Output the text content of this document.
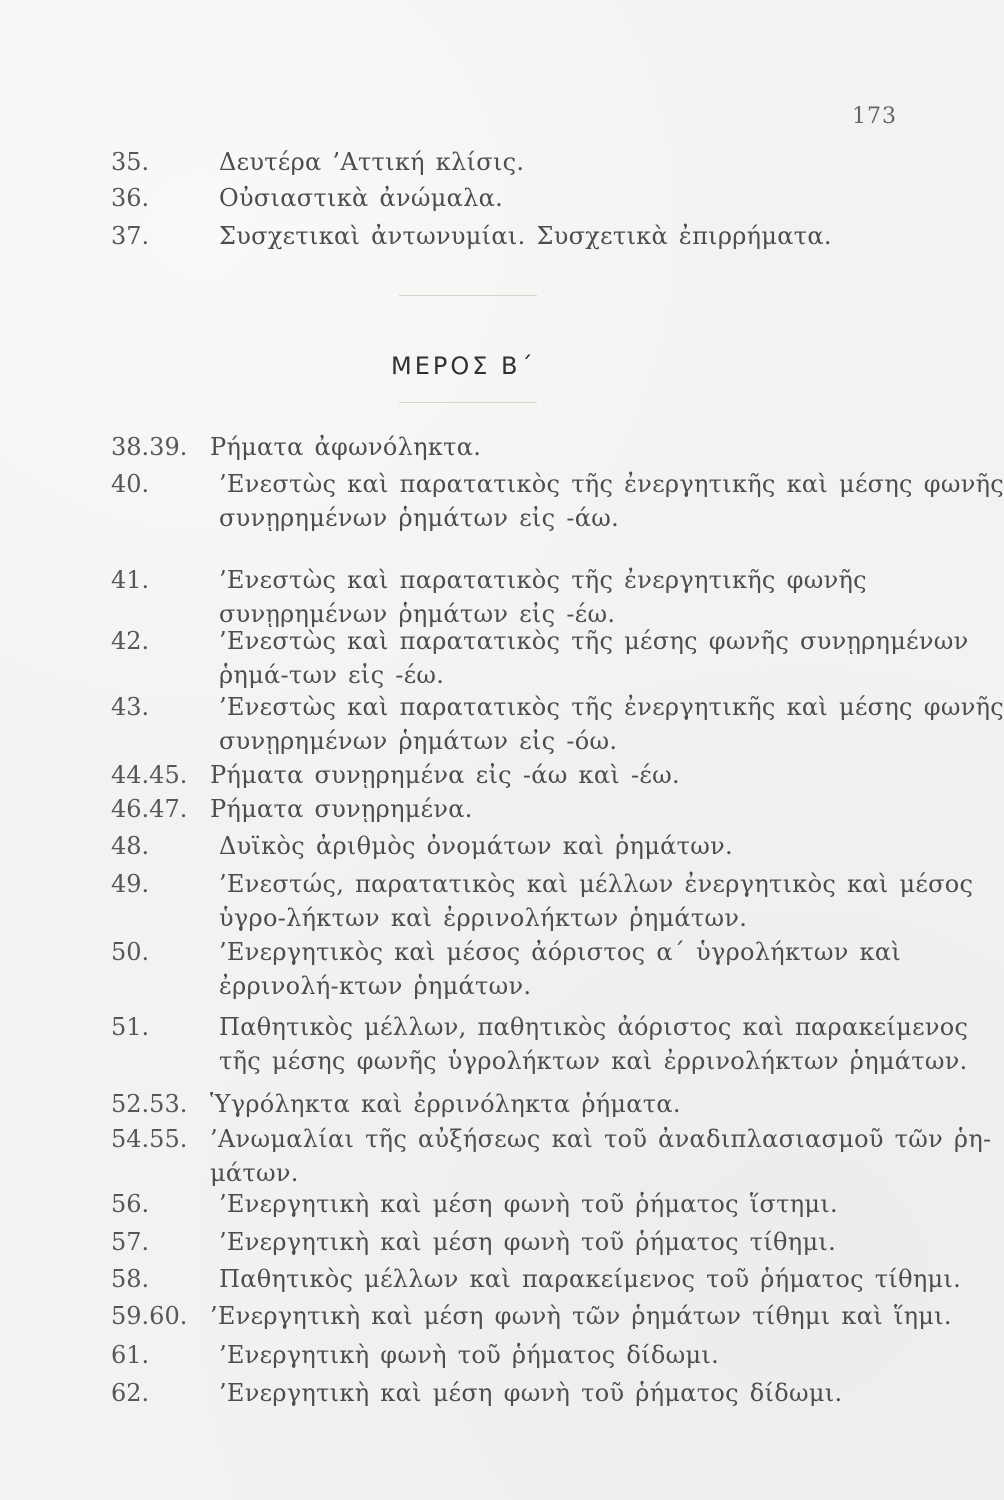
173
35.	Δευτέρα ’Αττική κλίσις.
36.	Οὐσιαστικὰ ἀνώμαλα.
37.	Συσχετικαὶ ἀντωνυμίαι. Συσχετικὰ ἐπιρρήματα.
ΜΕΡΟΣ Β΄
38.39. Ρήματα ἀφωνόληκτα.
40.	’Ενεστὼς καὶ παρατατικὸς τῆς ἐνεργητικῆς καὶ μέσης φωνῆς συνῃρημένων ῥημάτων εἰς -άω.
41.	’Ενεστὼς καὶ παρατατικὸς τῆς ἐνεργητικῆς φωνῆς συνῃρημένων ῥημάτων εἰς -έω.
42.	’Ενεστὼς καὶ παρατατικὸς τῆς μέσης φωνῆς συνῃρημένων ῥημά-των εἰς -έω.
43.	’Ενεστὼς καὶ παρατατικὸς τῆς ἐνεργητικῆς καὶ μέσης φωνῆς συνῃρημένων ῥημάτων εἰς -όω.
44.45. Ρήματα συνῃρημένα εἰς -άω καὶ -έω.
46.47. Ρήματα συνῃρημένα.
48.	Δυϊκὸς ἀριθμὸς ὀνομάτων καὶ ῥημάτων.
49.	’Ενεστώς, παρατατικὸς καὶ μέλλων ἐνεργητικὸς καὶ μέσος ὑγρο-λήκτων καὶ ἐρρινολήκτων ῥημάτων.
50.	’Ενεργητικὸς καὶ μέσος ἀόριστος α΄ ὑγρολήκτων καὶ ἐρρινολή-κτων ῥημάτων.
51.	Παθητικὸς μέλλων, παθητικὸς ἀόριστος καὶ παρακείμενος τῆς μέσης φωνῆς ὑγρολήκτων καὶ ἐρρινολήκτων ῥημάτων.
52.53. Ὑγρόληκτα καὶ ἐρρινόληκτα ῥήματα.
54.55. ’Ανωμαλίαι τῆς αὐξήσεως καὶ τοῦ ἀναδιπλασιασμοῦ τῶν ῥη-μάτων.
56.	’Ενεργητικὴ καὶ μέση φωνὴ τοῦ ῥήματος ἵστημι.
57.	’Ενεργητικὴ καὶ μέση φωνὴ τοῦ ῥήματος τίθημι.
58.	Παθητικὸς μέλλων καὶ παρακείμενος τοῦ ῥήματος τίθημι.
59.60. ’Ενεργητικὴ καὶ μέση φωνὴ τῶν ῥημάτων τίθημι καὶ ἵημι.
61.	’Ενεργητικὴ φωνὴ τοῦ ῥήματος δίδωμι.
62.	’Ενεργητικὴ καὶ μέση φωνὴ τοῦ ῥήματος δίδωμι.
